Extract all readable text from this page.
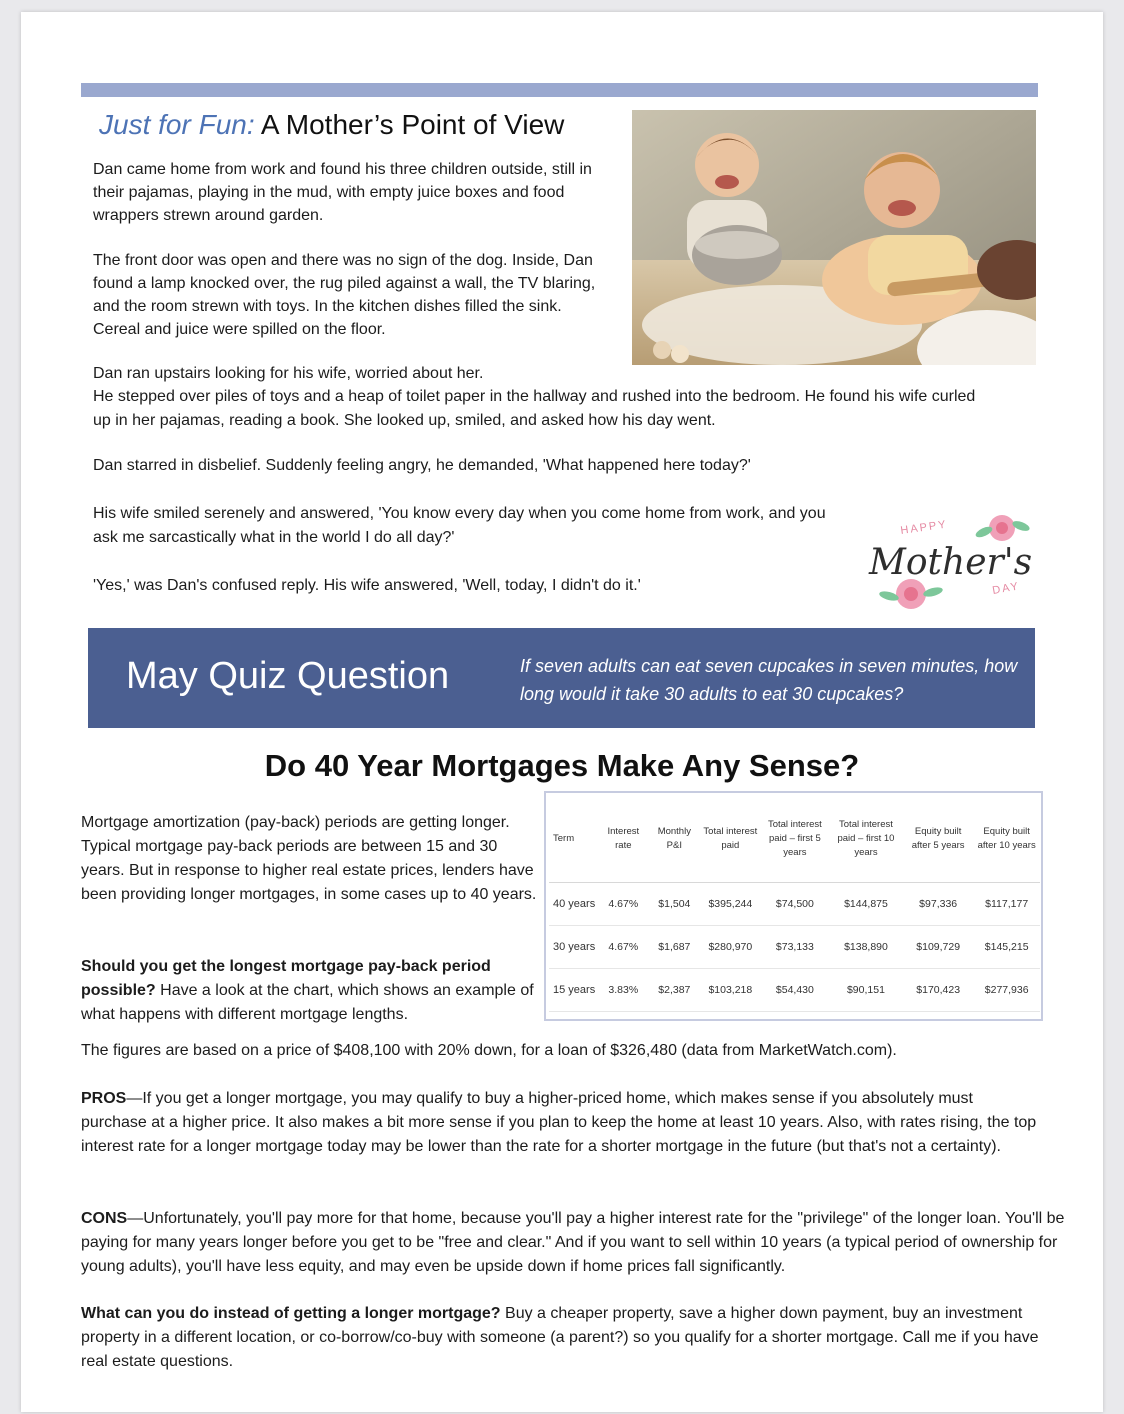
Just for Fun: A Mother’s Point of View

Dan came home from work and found his three children outside, still in their pajamas, playing in the mud, with empty juice boxes and food wrappers strewn around garden.

The front door was open and there was no sign of the dog. Inside, Dan found a lamp knocked over, the rug piled against a wall, the TV blaring, and the room strewn with toys. In the kitchen dishes filled the sink. Cereal and juice were spilled on the floor.

Dan ran upstairs looking for his wife, worried about her.

He stepped over piles of toys and a heap of toilet paper in the hallway and rushed into the bedroom. He found his wife curled up in her pajamas, reading a book. She looked up, smiled, and asked how his day went.

Dan starred in disbelief. Suddenly feeling angry, he demanded, 'What happened here today?'

His wife smiled serenely and answered, 'You know every day when you come home from work, and you ask me sarcastically what in the world I do all day?'

'Yes,' was Dan's confused reply. His wife answered, 'Well, today, I didn't do it.'

HAPPY
Mother's
DAY
May Quiz Question	If seven adults can eat seven cupcakes in seven minutes, how long would it take 30 adults to eat 30 cupcakes?
Do 40 Year Mortgages Make Any Sense?

Mortgage amortization (pay-back) periods are getting longer. Typical mortgage pay-back periods are between 15 and 30 years. But in response to higher real estate prices, lenders have been providing longer mortgages, in some cases up to 40 years.

Should you get the longest mortgage pay-back period possible? Have a look at the chart, which shows an example of what happens with different mortgage lengths.

The figures are based on a price of $408,100 with 20% down, for a loan of $326,480 (data from MarketWatch.com).

PROS—If you get a longer mortgage, you may qualify to buy a higher-priced home, which makes sense if you absolutely must purchase at a higher price. It also makes a bit more sense if you plan to keep the home at least 10 years. Also, with rates rising, the top interest rate for a longer mortgage today may be lower than the rate for a shorter mortgage in the future (but that's not a certainty).

CONS—Unfortunately, you'll pay more for that home, because you'll pay a higher interest rate for the "privilege" of the longer loan. You'll be paying for many years longer before you get to be "free and clear." And if you want to sell within 10 years (a typical period of ownership for young adults), you'll have less equity, and may even be upside down if home prices fall significantly.

What can you do instead of getting a longer mortgage? Buy a cheaper property, save a higher down payment, buy an investment property in a different location, or co-borrow/co-buy with someone (a parent?) so you qualify for a shorter mortgage. Call me if you have real estate questions.

Term	Interest rate	Monthly P&I	Total interest paid	Total interest paid – first 5 years	Total interest paid – first 10 years	Equity built after 5 years	Equity built after 10 years
40 years	4.67%	$1,504	$395,244	$74,500	$144,875	$97,336	$117,177
30 years	4.67%	$1,687	$280,970	$73,133	$138,890	$109,729	$145,215
15 years	3.83%	$2,387	$103,218	$54,430	$90,151	$170,423	$277,936
